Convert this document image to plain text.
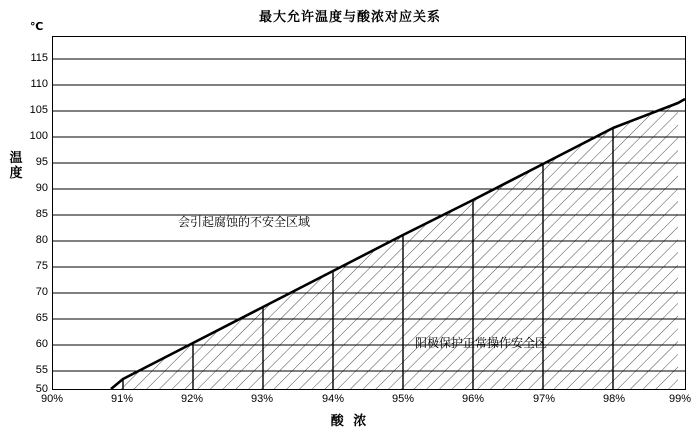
最大允许温度与酸浓对应关系
℃
温度
酸 浓
115
110
105
100
95
90
85
80
75
70
65
60
55
50
90%	91%	92%	93%	94%	95%	96%	97%	98%	99%
会引起腐蚀的不安全区域
阳极保护正常操作安全区
